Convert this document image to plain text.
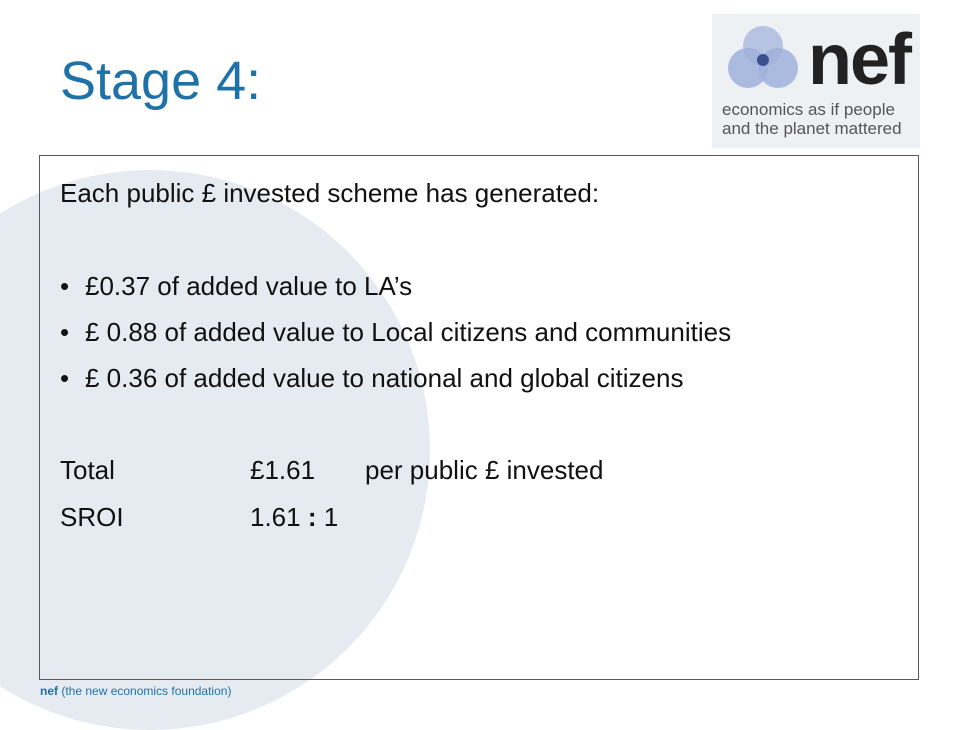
Stage 4:	nef
economics as if people
and the planet mattered
Each public £ invested scheme has generated:
• £0.37 of added value to LA’s
• £ 0.88 of added value to Local citizens and communities
• £ 0.36 of added value to national and global citizens
Total	£1.61 per public £ invested
SROI	1.61 : 1
nef (the new economics foundation)
